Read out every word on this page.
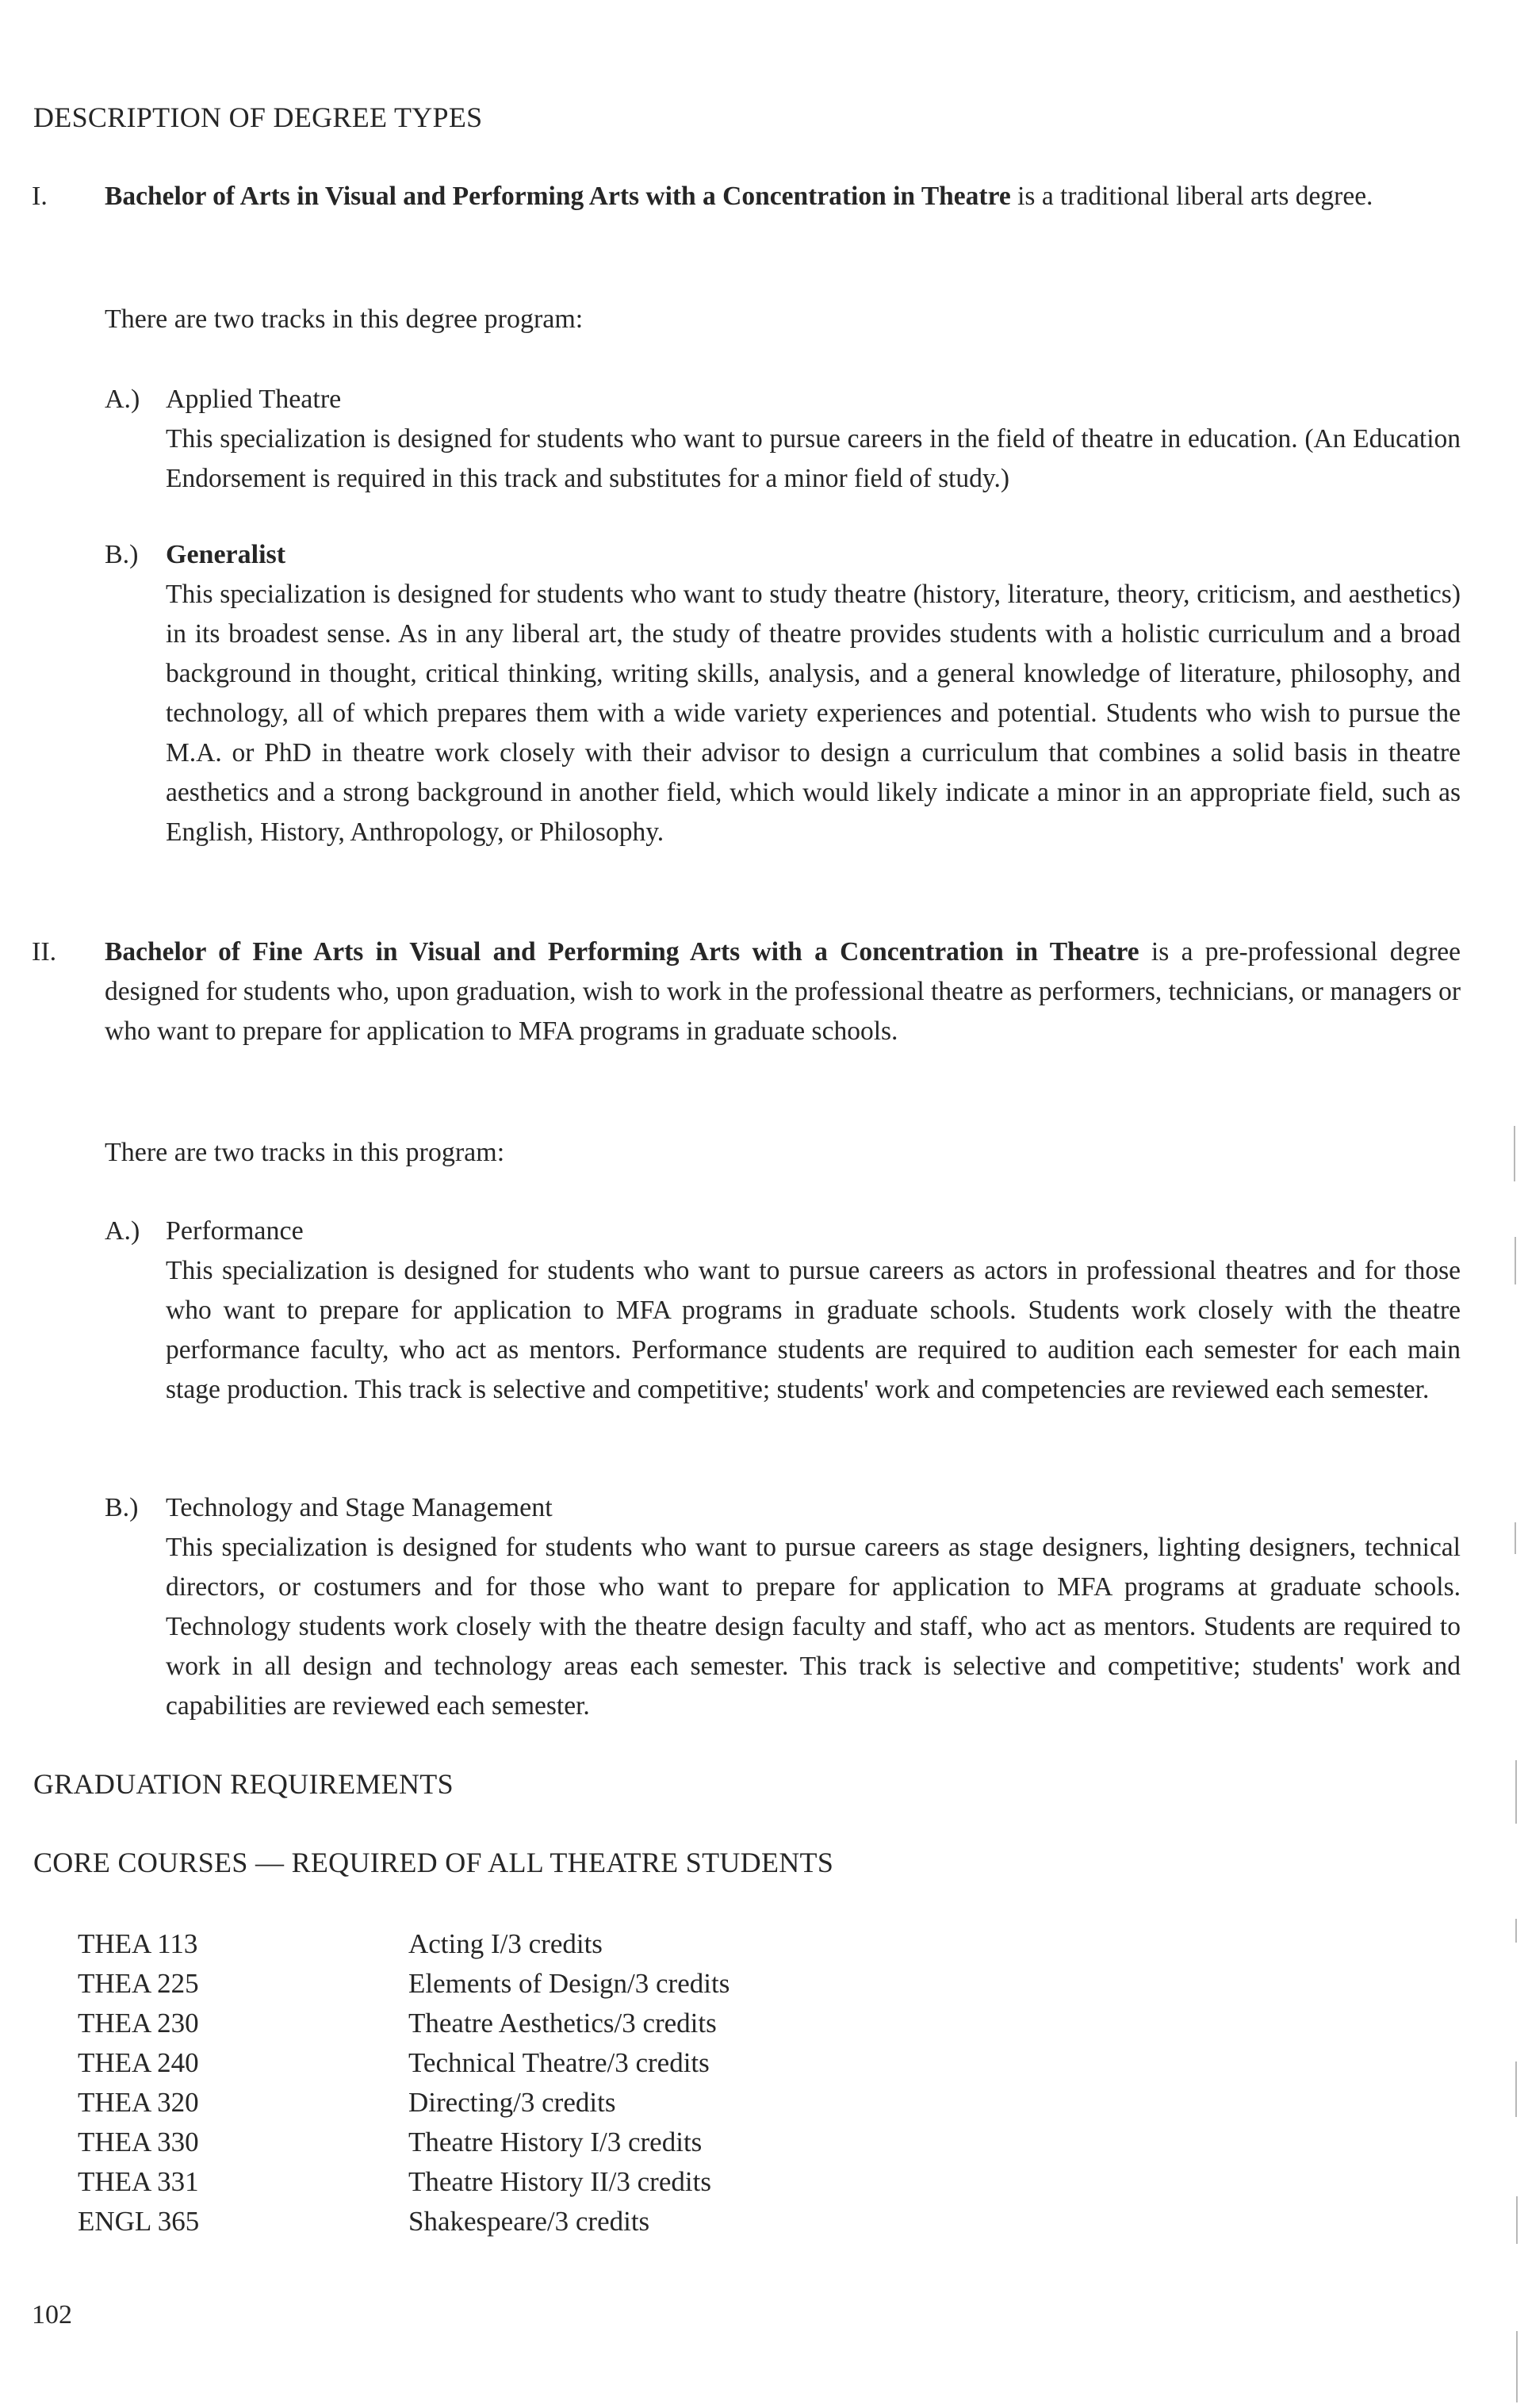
DESCRIPTION OF DEGREE TYPES
I. Bachelor of Arts in Visual and Performing Arts with a Concentration in Theatre is a traditional liberal arts degree.
There are two tracks in this degree program:
A.) Applied Theatre
This specialization is designed for students who want to pursue careers in the field of theatre in education. (An Education Endorsement is required in this track and substitutes for a minor field of study.)
B.) Generalist
This specialization is designed for students who want to study theatre (history, literature, theory, criticism, and aesthetics) in its broadest sense. As in any liberal art, the study of theatre provides students with a holistic curriculum and a broad background in thought, critical thinking, writing skills, analysis, and a general knowledge of literature, philosophy, and technology, all of which prepares them with a wide variety experiences and potential. Students who wish to pursue the M.A. or PhD in theatre work closely with their advisor to design a curriculum that combines a solid basis in theatre aesthetics and a strong background in another field, which would likely indicate a minor in an appropriate field, such as English, History, Anthropology, or Philosophy.
II. Bachelor of Fine Arts in Visual and Performing Arts with a Concentration in Theatre is a pre-professional degree designed for students who, upon graduation, wish to work in the professional theatre as performers, technicians, or managers or who want to prepare for application to MFA programs in graduate schools.
There are two tracks in this program:
A.) Performance
This specialization is designed for students who want to pursue careers as actors in professional theatres and for those who want to prepare for application to MFA programs in graduate schools. Students work closely with the theatre performance faculty, who act as mentors. Performance students are required to audition each semester for each main stage production. This track is selective and competitive; students' work and competencies are reviewed each semester.
B.) Technology and Stage Management
This specialization is designed for students who want to pursue careers as stage designers, lighting designers, technical directors, or costumers and for those who want to prepare for application to MFA programs at graduate schools. Technology students work closely with the theatre design faculty and staff, who act as mentors. Students are required to work in all design and technology areas each semester. This track is selective and competitive; students' work and capabilities are reviewed each semester.
GRADUATION REQUIREMENTS
CORE COURSES — REQUIRED OF ALL THEATRE STUDENTS
THEA 113	Acting I/3 credits
THEA 225	Elements of Design/3 credits
THEA 230	Theatre Aesthetics/3 credits
THEA 240	Technical Theatre/3 credits
THEA 320	Directing/3 credits
THEA 330	Theatre History I/3 credits
THEA 331	Theatre History II/3 credits
ENGL 365	Shakespeare/3 credits
102
